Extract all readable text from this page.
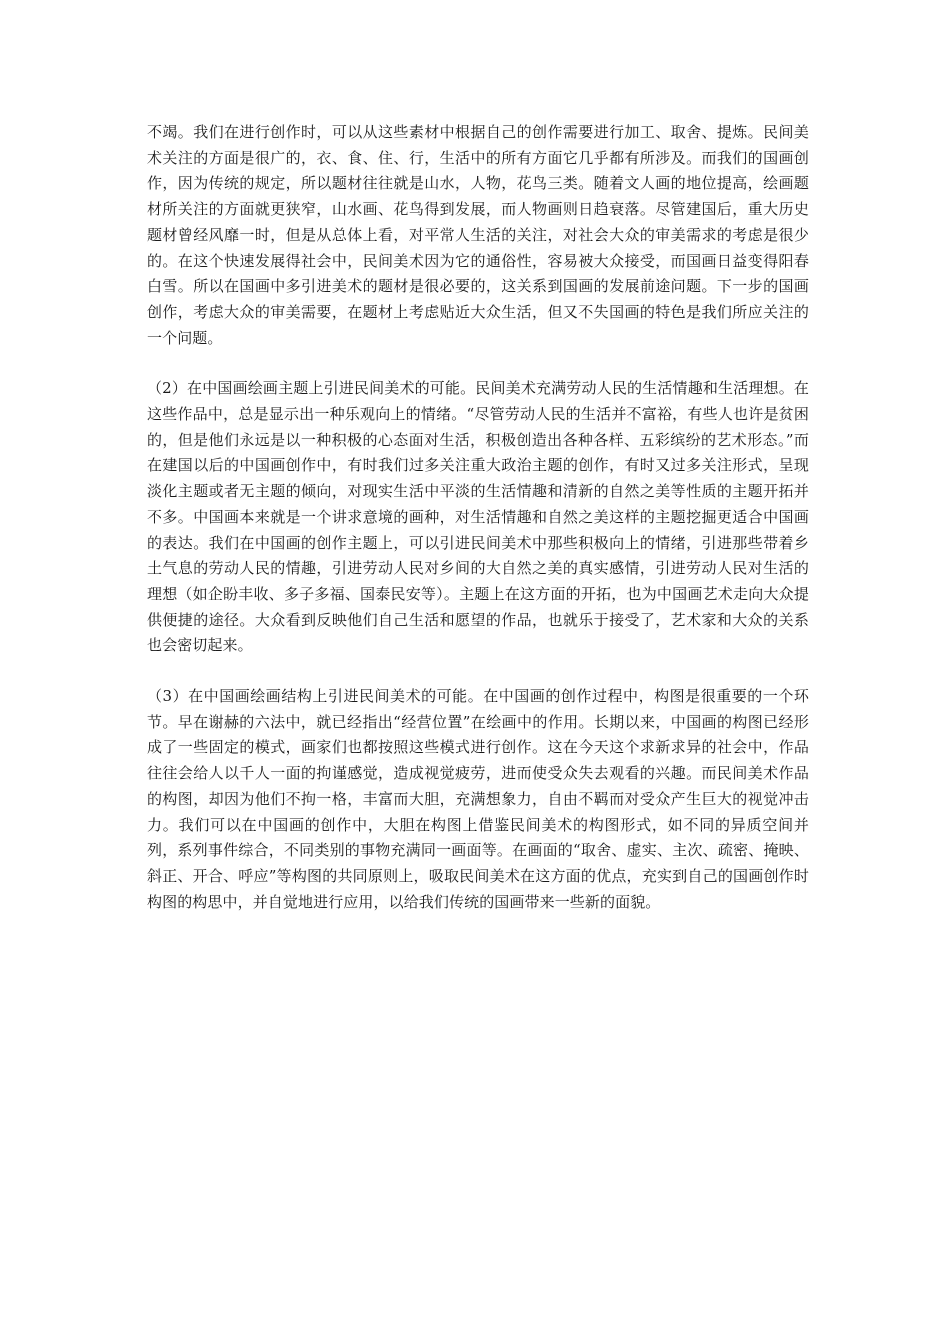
不竭。我们在进行创作时，可以从这些素材中根据自己的创作需要进行加工、取舍、提炼。民间美术关注的方面是很广的，衣、食、住、行，生活中的所有方面它几乎都有所涉及。而我们的国画创作，因为传统的规定，所以题材往往就是山水，人物，花鸟三类。随着文人画的地位提高，绘画题材所关注的方面就更狭窄，山水画、花鸟得到发展，而人物画则日趋衰落。尽管建国后，重大历史题材曾经风靡一时，但是从总体上看，对平常人生活的关注，对社会大众的审美需求的考虑是很少的。在这个快速发展得社会中，民间美术因为它的通俗性，容易被大众接受，而国画日益变得阳春白雪。所以在国画中多引进美术的题材是很必要的，这关系到国画的发展前途问题。下一步的国画创作，考虑大众的审美需要，在题材上考虑贴近大众生活，但又不失国画的特色是我们所应关注的一个问题。

（2）在中国画绘画主题上引进民间美术的可能。民间美术充满劳动人民的生活情趣和生活理想。在这些作品中，总是显示出一种乐观向上的情绪。“尽管劳动人民的生活并不富裕，有些人也许是贫困的，但是他们永远是以一种积极的心态面对生活，积极创造出各种各样、五彩缤纷的艺术形态。”而在建国以后的中国画创作中，有时我们过多关注重大政治主题的创作，有时又过多关注形式，呈现淡化主题或者无主题的倾向，对现实生活中平淡的生活情趣和清新的自然之美等性质的主题开拓并不多。中国画本来就是一个讲求意境的画种，对生活情趣和自然之美这样的主题挖掘更适合中国画的表达。我们在中国画的创作主题上，可以引进民间美术中那些积极向上的情绪，引进那些带着乡土气息的劳动人民的情趣，引进劳动人民对乡间的大自然之美的真实感情，引进劳动人民对生活的理想（如企盼丰收、多子多福、国泰民安等）。主题上在这方面的开拓，也为中国画艺术走向大众提供便捷的途径。大众看到反映他们自己生活和愿望的作品，也就乐于接受了，艺术家和大众的关系也会密切起来。

（3）在中国画绘画结构上引进民间美术的可能。在中国画的创作过程中，构图是很重要的一个环节。早在谢赫的六法中，就已经指出“经营位置”在绘画中的作用。长期以来，中国画的构图已经形成了一些固定的模式，画家们也都按照这些模式进行创作。这在今天这个求新求异的社会中，作品往往会给人以千人一面的拘谨感觉，造成视觉疲劳，进而使受众失去观看的兴趣。而民间美术作品的构图，却因为他们不拘一格，丰富而大胆，充满想象力，自由不羁而对受众产生巨大的视觉冲击力。我们可以在中国画的创作中，大胆在构图上借鉴民间美术的构图形式，如不同的异质空间并列，系列事件综合，不同类别的事物充满同一画面等。在画面的“取舍、虚实、主次、疏密、掩映、斜正、开合、呼应”等构图的共同原则上，吸取民间美术在这方面的优点，充实到自己的国画创作时构图的构思中，并自觉地进行应用，以给我们传统的国画带来一些新的面貌。
